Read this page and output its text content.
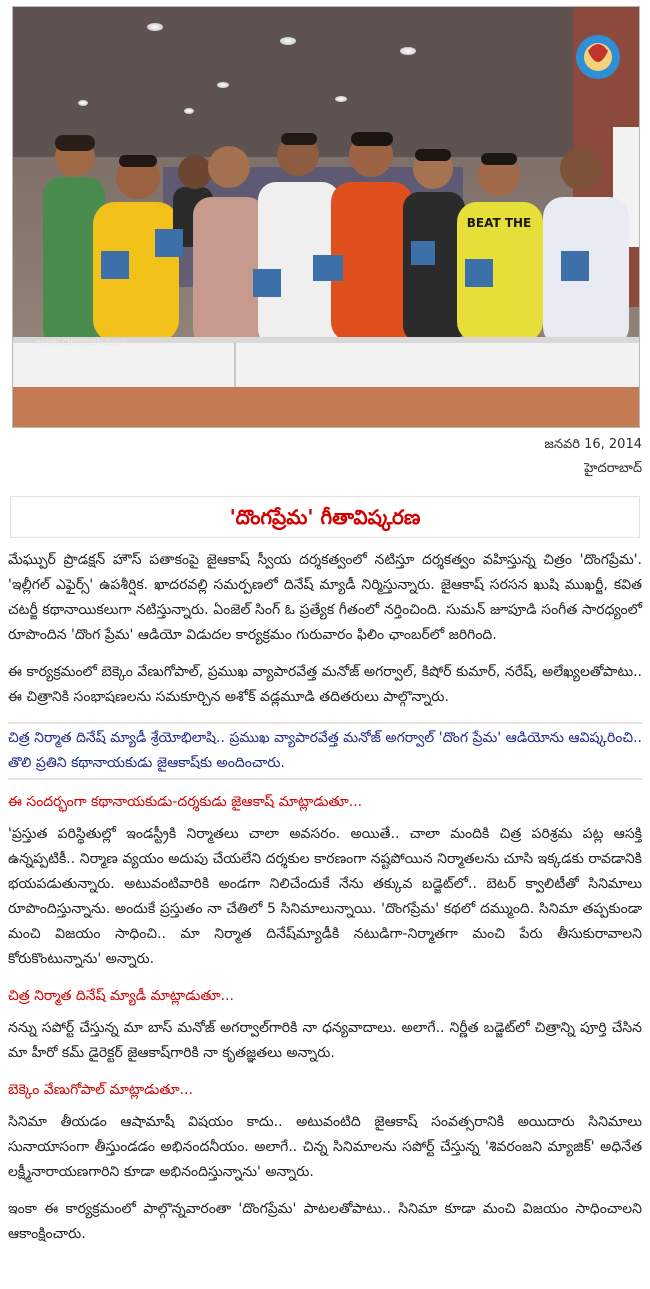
BEAT THE
www.cinejosh.com
జనవరి 16, 2014
హైదరాబాద్
'దొంగప్రేమ' గీతావిష్కరణ

మేఘ్పుర్ ప్రొడక్షన్ హౌస్ పతాకంపై జైఆకాష్ స్వీయ దర్శకత్వంలో నటిస్తూ దర్శకత్వం వహిస్తున్న చిత్రం 'దొంగప్రేమ'. 'ఇల్లీగల్ ఎఫైర్స్' ఉపశీర్షిక. ఖాదరవల్లి సమర్పణలో దినేష్ మ్యాడీ నిర్మిస్తున్నారు. జైఆకాష్ సరసన ఖుషి ముఖర్జీ, కవిత చటర్జీ కథానాయికలుగా నటిస్తున్నారు. ఏంజెల్ సింగ్ ఓ ప్రత్యేక గీతంలో నర్తించింది. సుమన్ జూపూడి సంగీత సారధ్యంలో రూపొందిన 'దొంగ ప్రేమ' ఆడియో విడుదల కార్యక్రమం గురువారం ఫిలిం ఛాంబర్‌లో జరిగింది.

ఈ కార్యక్రమంలో బెక్కెం వేణుగోపాల్, ప్రముఖ వ్యాపారవేత్త మనోజ్ అగర్వాల్, కిషోర్ కుమార్, నరేష్, అలేఖ్యలతోపాటు.. ఈ చిత్రానికి సంభాషణలను సమకూర్చిన అశోక్ వడ్లమూడి తదితరులు పాల్గొన్నారు.

చిత్ర నిర్మాత దినేష్ మ్యాడీ శ్రేయోభిలాషి.. ప్రముఖ వ్యాపారవేత్త మనోజ్ అగర్వాల్ 'దొంగ ప్రేమ' ఆడియోను ఆవిష్కరించి.. తొలి ప్రతిని కథానాయకుడు జైఆకాష్‌కు అందించారు.

ఈ సందర్భంగా కథానాయకుడు-దర్శకుడు జైఆకాష్ మాట్లాడుతూ...

'ప్రస్తుత పరిస్థితుల్లో ఇండస్ట్రీకి నిర్మాతలు చాలా అవసరం. అయితే.. చాలా మందికి చిత్ర పరిశ్రమ పట్ల ఆసక్తి ఉన్నప్పటికీ.. నిర్మాణ వ్యయం అదుపు చేయలేని దర్శకుల కారణంగా నష్టపోయిన నిర్మాతలను చూసి ఇక్కడకు రావడానికి భయపడుతున్నారు. అటువంటివారికి అండగా నిలిచేందుకే నేను తక్కువ బడ్జెట్‌లో.. బెటర్ క్వాలిటీతో సినిమాలు రూపొందిస్తున్నాను. అందుకే ప్రస్తుతం నా చేతిలో 5 సినిమాలున్నాయి. 'దొంగప్రేమ' కథలో దమ్ముంది. సినిమా తప్పకుండా మంచి విజయం సాధించి.. మా నిర్మాత దినేష్‌మ్యాడీకి నటుడిగా-నిర్మాతగా మంచి పేరు తీసుకురావాలని కోరుకొంటున్నాను' అన్నారు.

చిత్ర నిర్మాత దినేష్ మ్యాడీ మాట్లాడుతూ...

నన్ను సపోర్ట్ చేస్తున్న మా బాస్ మనోజ్ అగర్వాల్‌గారికి నా ధన్యవాదాలు. అలాగే.. నిర్ణీత బడ్జెట్‌లో చిత్రాన్ని పూర్తి చేసిన మా హీరో కమ్ డైరెక్టర్ జైఆకాష్‌గారికి నా కృతజ్ఞతలు అన్నారు.

బెక్కెం వేణుగోపాల్ మాట్లాడుతూ...

సినిమా తీయడం ఆషామాషీ విషయం కాదు.. అటువంటిది జైఆకాష్ సంవత్సరానికి అయిదారు సినిమాలు సునాయాసంగా తీస్తుండడం అభినందనీయం. అలాగే.. చిన్న సినిమాలను సపోర్ట్ చేస్తున్న 'శివరంజని మ్యాజిక్' అధినేత లక్ష్మీనారాయణగారిని కూడా అభినందిస్తున్నాను' అన్నారు.

ఇంకా ఈ కార్యక్రమంలో పాల్గొన్నవారంతా 'దొంగప్రేమ' పాటలతోపాటు.. సినిమా కూడా మంచి విజయం సాధించాలని ఆకాంక్షించారు.
